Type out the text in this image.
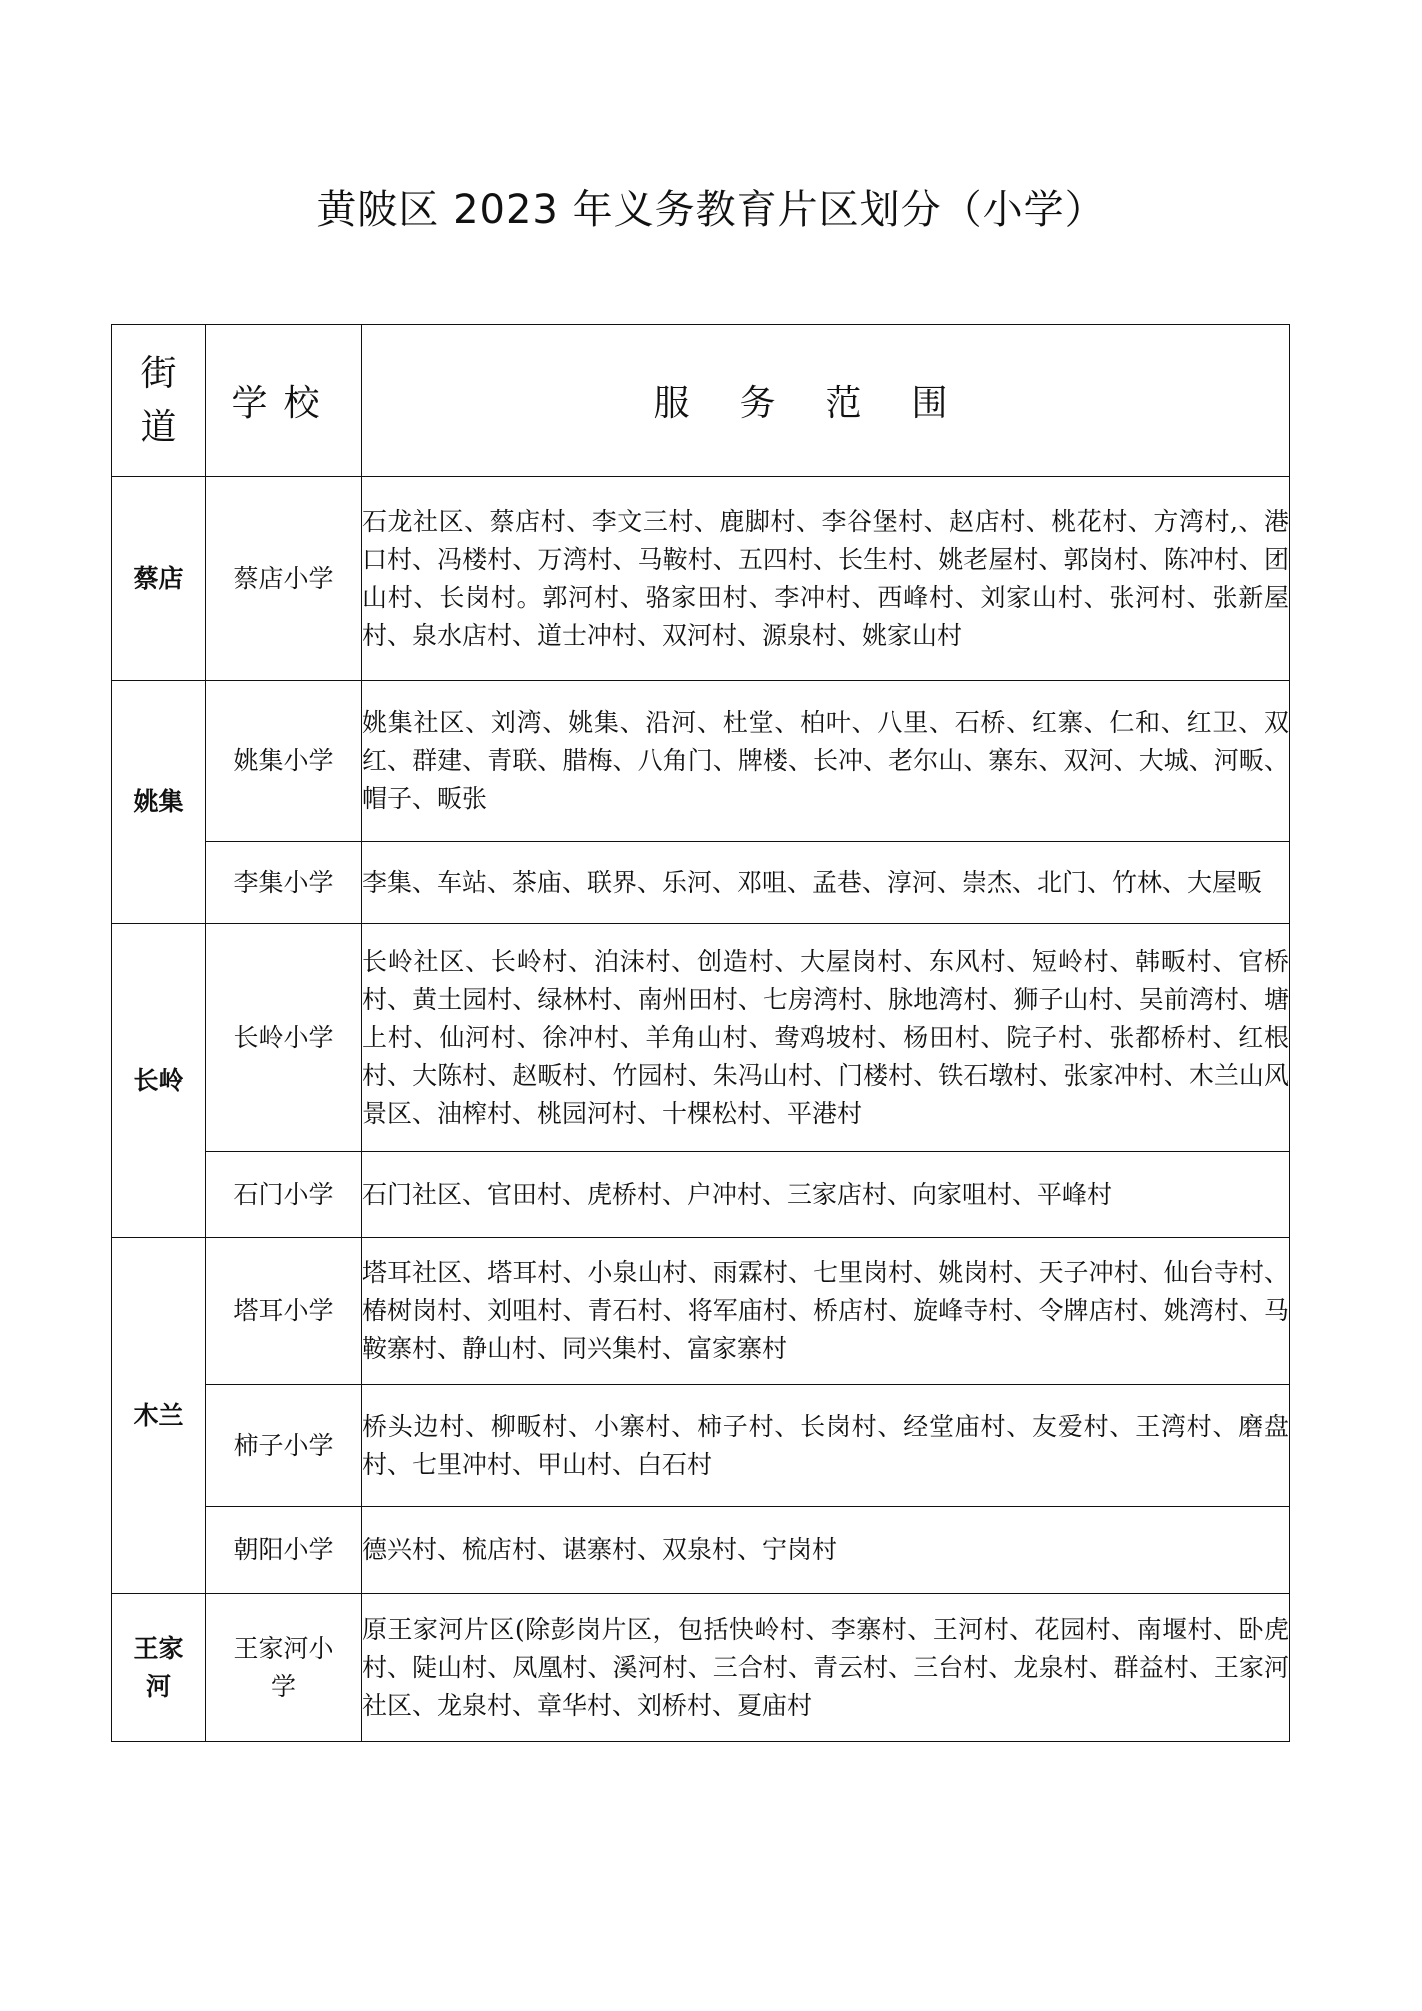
黄陂区 2023 年义务教育片区划分（小学）
街
道	学校	服务范围
蔡店	蔡店小学	石龙社区、蔡店村、李文三村、鹿脚村、李谷堡村、赵店村、桃花村、方湾村,、港口村、冯楼村、万湾村、马鞍村、五四村、长生村、姚老屋村、郭岗村、陈冲村、团山村、长岗村。郭河村、骆家田村、李冲村、西峰村、刘家山村、张河村、张新屋村、泉水店村、道士冲村、双河村、源泉村、姚家山村
姚集	姚集小学	姚集社区、刘湾、姚集、沿河、杜堂、柏叶、八里、石桥、红寨、仁和、红卫、双红、群建、青联、腊梅、八角门、牌楼、长冲、老尔山、寨东、双河、大城、河畈、帽子、畈张
	李集小学	李集、车站、茶庙、联界、乐河、邓咀、孟巷、淳河、崇杰、北门、竹林、大屋畈
长岭	长岭小学	长岭社区、长岭村、泊沫村、创造村、大屋岗村、东风村、短岭村、韩畈村、官桥村、黄土园村、绿林村、南州田村、七房湾村、脉地湾村、狮子山村、吴前湾村、塘上村、仙河村、徐冲村、羊角山村、鸯鸡坡村、杨田村、院子村、张都桥村、红根村、大陈村、赵畈村、竹园村、朱冯山村、门楼村、铁石墩村、张家冲村、木兰山风景区、油榨村、桃园河村、十棵松村、平港村
	石门小学	石门社区、官田村、虎桥村、户冲村、三家店村、向家咀村、平峰村
木兰	塔耳小学	塔耳社区、塔耳村、小泉山村、雨霖村、七里岗村、姚岗村、天子冲村、仙台寺村、椿树岗村、刘咀村、青石村、将军庙村、桥店村、旋峰寺村、令牌店村、姚湾村、马鞍寨村、静山村、同兴集村、富家寨村
	柿子小学	桥头边村、柳畈村、小寨村、柿子村、长岗村、经堂庙村、友爱村、王湾村、磨盘村、七里冲村、甲山村、白石村
	朝阳小学	德兴村、梳店村、谌寨村、双泉村、宁岗村
王家河	王家河小学	原王家河片区(除彭岗片区，包括快岭村、李寨村、王河村、花园村、南堰村、卧虎村、陡山村、凤凰村、溪河村、三合村、青云村、三台村、龙泉村、群益村、王家河社区、龙泉村、章华村、刘桥村、夏庙村
